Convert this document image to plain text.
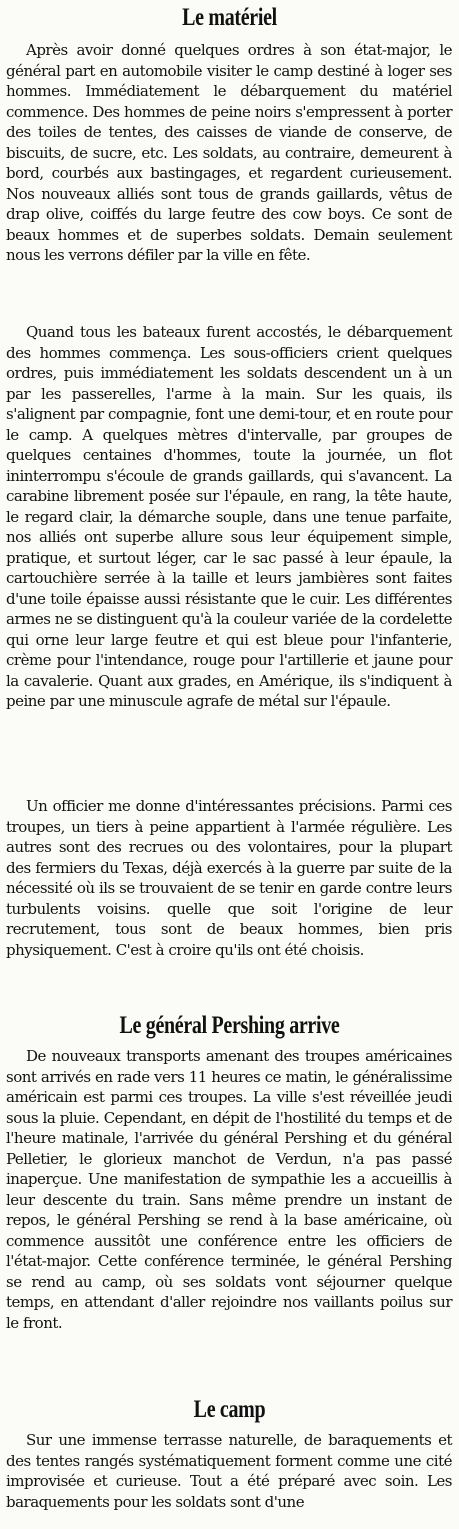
Le matériel

Après avoir donné quelques ordres à son état-major, le général part en automobile visiter le camp destiné à loger ses hommes. Immédiatement le débarquement du matériel commence. Des hommes de peine noirs s'empressent à porter des toiles de tentes, des caisses de viande de conserve, de biscuits, de sucre, etc. Les soldats, au contraire, demeurent à bord, courbés aux bastingages, et regardent curieusement. Nos nouveaux alliés sont tous de grands gaillards, vêtus de drap olive, coiffés du large feutre des cow boys. Ce sont de beaux hommes et de superbes soldats. Demain seulement nous les verrons défiler par la ville en fête.

Quand tous les bateaux furent accostés, le débarquement des hommes commença. Les sous-officiers crient quelques ordres, puis immédiatement les soldats descendent un à un par les passerelles, l'arme à la main. Sur les quais, ils s'alignent par compagnie, font une demi-tour, et en route pour le camp. A quelques mètres d'intervalle, par groupes de quelques centaines d'hommes, toute la journée, un flot ininterrompu s'écoule de grands gaillards, qui s'avancent. La carabine librement posée sur l'épaule, en rang, la tête haute, le regard clair, la démarche souple, dans une tenue parfaite, nos alliés ont superbe allure sous leur équipement simple, pratique, et surtout léger, car le sac passé à leur épaule, la cartouchière serrée à la taille et leurs jambières sont faites d'une toile épaisse aussi résistante que le cuir. Les différentes armes ne se distinguent qu'à la couleur variée de la cordelette qui orne leur large feutre et qui est bleue pour l'infanterie, crème pour l'intendance, rouge pour l'artillerie et jaune pour la cavalerie. Quant aux grades, en Amérique, ils s'indiquent à peine par une minuscule agrafe de métal sur l'épaule.

Un officier me donne d'intéressantes précisions. Parmi ces troupes, un tiers à peine appartient à l'armée régulière. Les autres sont des recrues ou des volontaires, pour la plupart des fermiers du Texas, déjà exercés à la guerre par suite de la nécessité où ils se trouvaient de se tenir en garde contre leurs turbulents voisins. quelle que soit l'origine de leur recrutement, tous sont de beaux hommes, bien pris physiquement. C'est à croire qu'ils ont été choisis.

Le général Pershing arrive

De nouveaux transports amenant des troupes américaines sont arrivés en rade vers 11 heures ce matin, le généralissime américain est parmi ces troupes. La ville s'est réveillée jeudi sous la pluie. Cependant, en dépit de l'hostilité du temps et de l'heure matinale, l'arrivée du général Pershing et du général Pelletier, le glorieux manchot de Verdun, n'a pas passé inaperçue. Une manifestation de sympathie les a accueillis à leur descente du train. Sans même prendre un instant de repos, le général Pershing se rend à la base américaine, où commence aussitôt une conférence entre les officiers de l'état-major. Cette conférence terminée, le général Pershing se rend au camp, où ses soldats vont séjourner quelque temps, en attendant d'aller rejoindre nos vaillants poilus sur le front.

Le camp

Sur une immense terrasse naturelle, de baraquements et des tentes rangés systématiquement forment comme une cité improvisée et curieuse. Tout a été préparé avec soin. Les baraquements pour les soldats sont d'une
